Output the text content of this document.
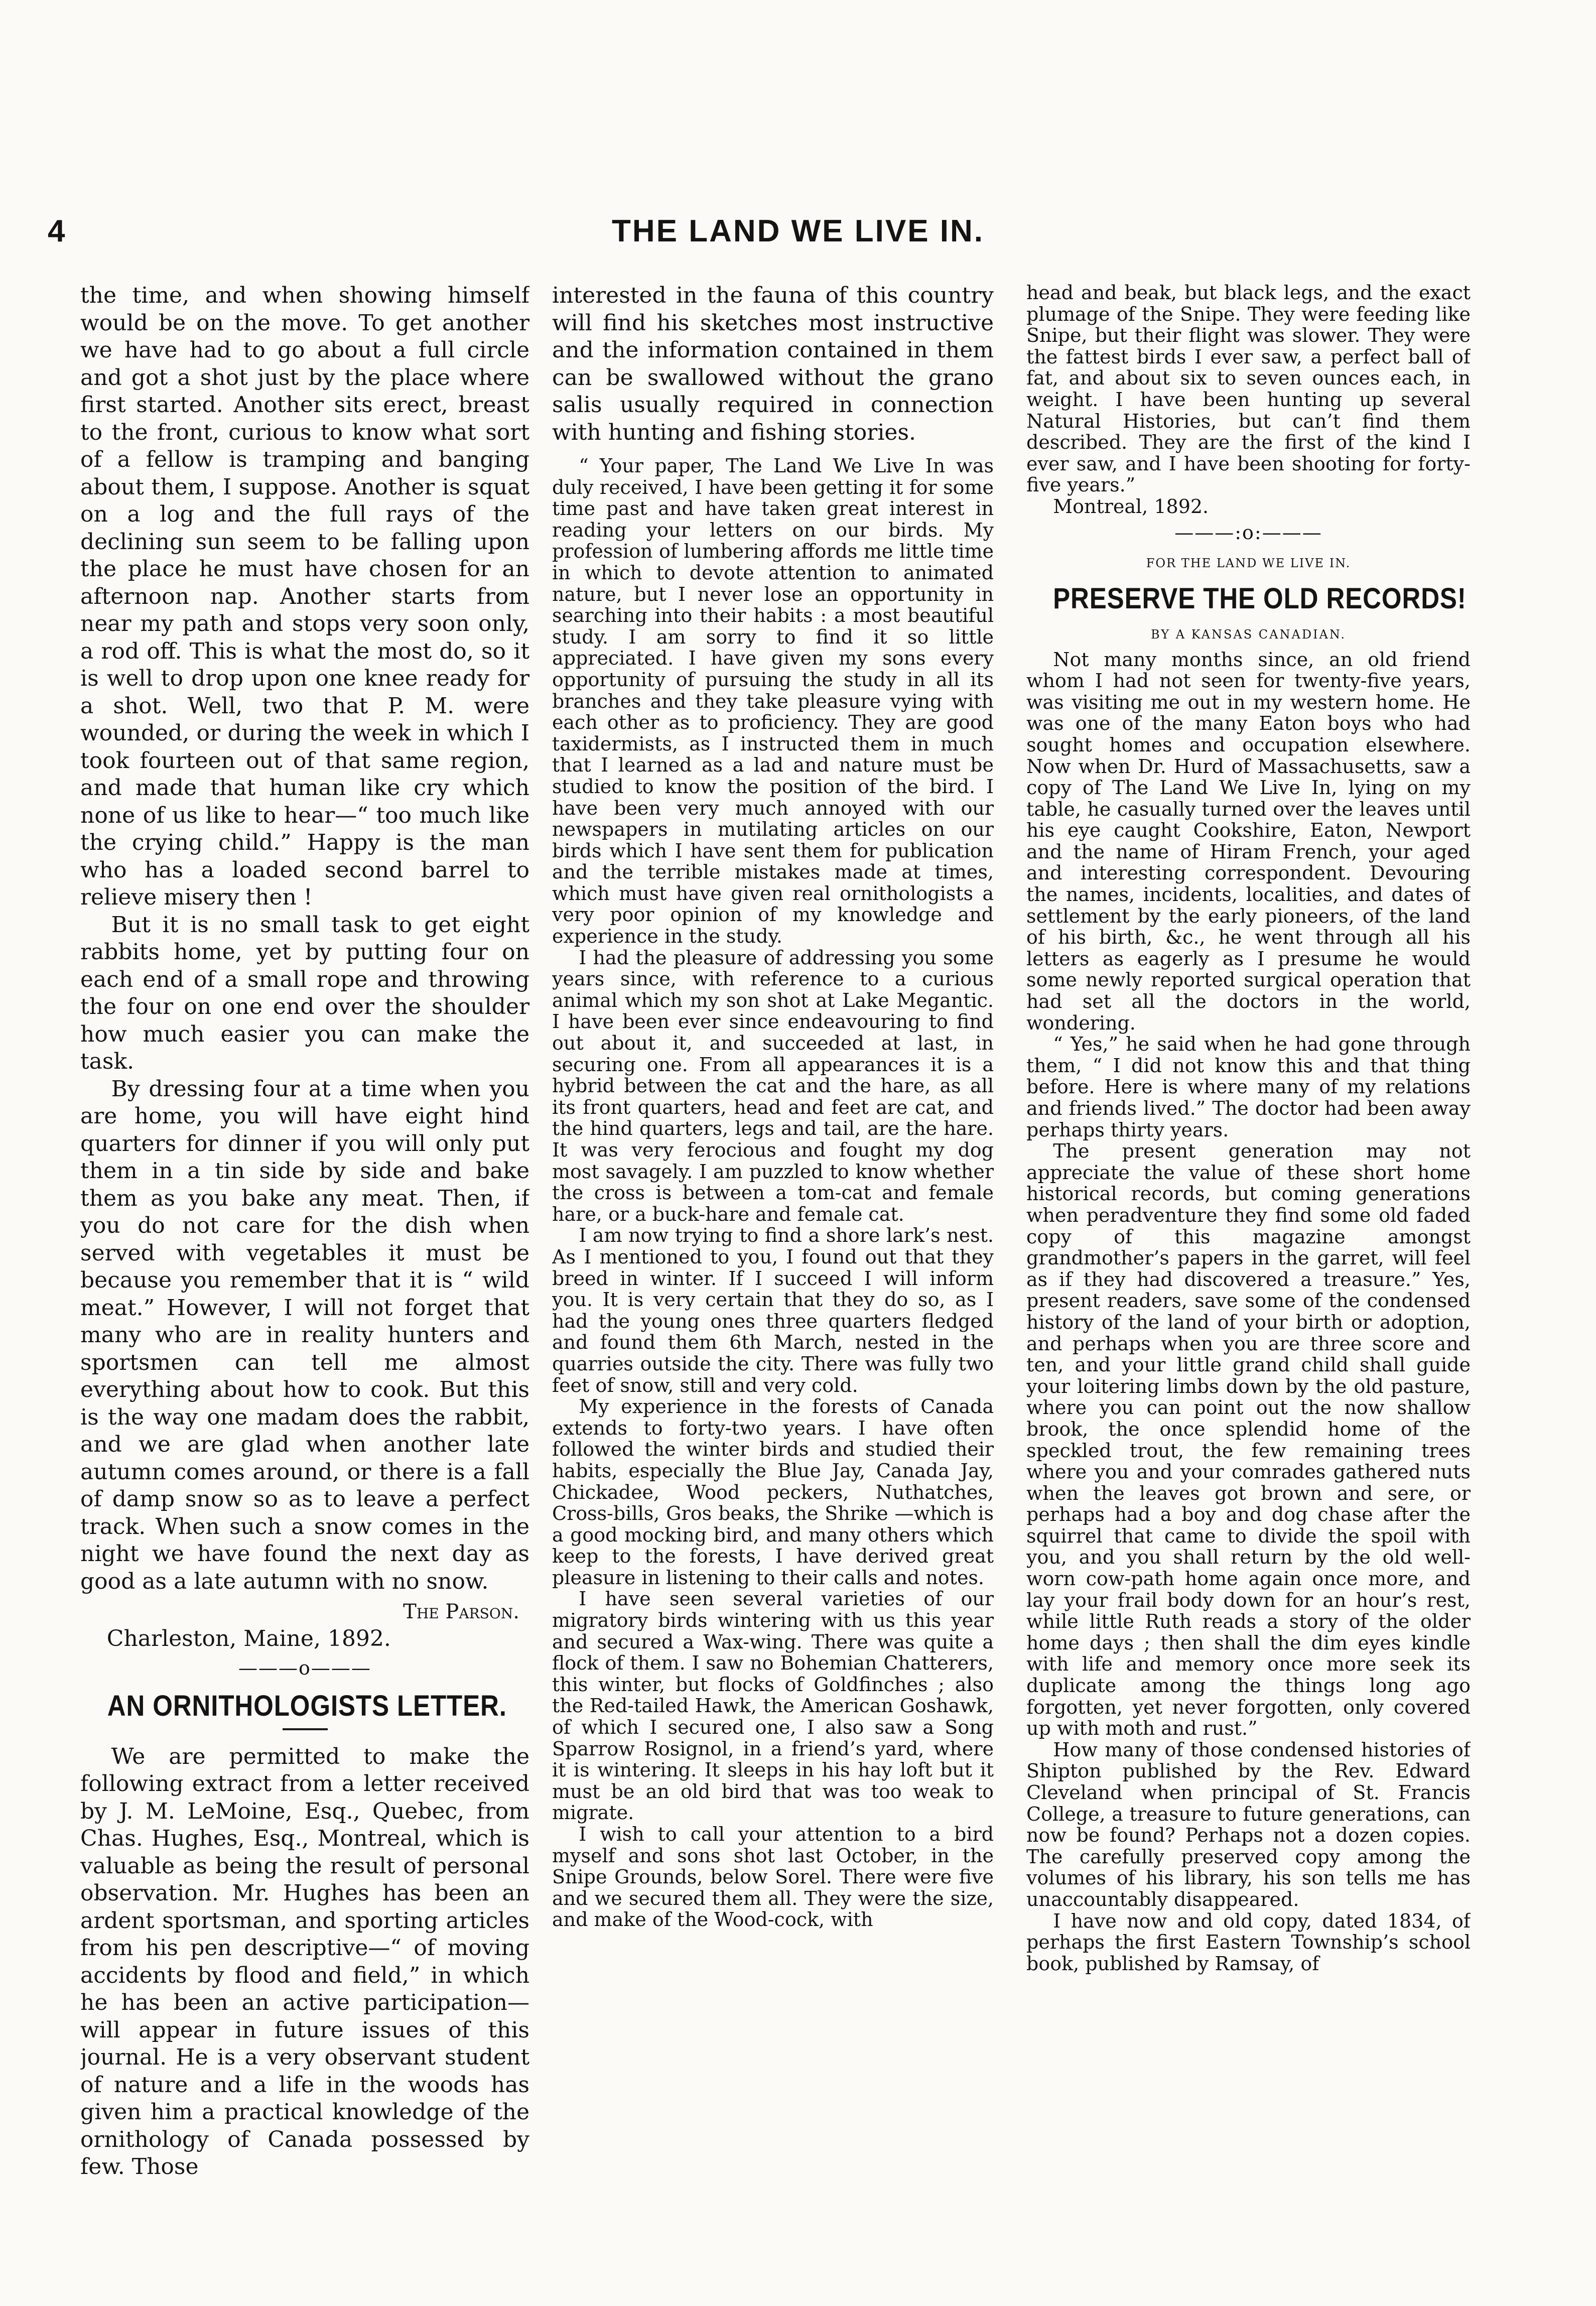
4	THE LAND WE LIVE IN.

the time, and when showing himself would be on the move. To get another we have had to go about a full circle and got a shot just by the place where first started. Another sits erect, breast to the front, curious to know what sort of a fellow is tramping and banging about them, I suppose. Another is squat on a log and the full rays of the declining sun seem to be falling upon the place he must have chosen for an afternoon nap. Another starts from near my path and stops very soon only, a rod off. This is what the most do, so it is well to drop upon one knee ready for a shot. Well, two that P. M. were wounded, or during the week in which I took fourteen out of that same region, and made that human like cry which none of us like to hear—“ too much like the crying child.” Happy is the man who has a loaded second barrel to relieve misery then !

But it is no small task to get eight rabbits home, yet by putting four on each end of a small rope and throwing the four on one end over the shoulder how much easier you can make the task.

By dressing four at a time when you are home, you will have eight hind quarters for dinner if you will only put them in a tin side by side and bake them as you bake any meat. Then, if you do not care for the dish when served with vegetables it must be because you remember that it is “ wild meat.” However, I will not forget that many who are in reality hunters and sportsmen can tell me almost everything about how to cook. But this is the way one madam does the rabbit, and we are glad when another late autumn comes around, or there is a fall of damp snow so as to leave a perfect track. When such a snow comes in the night we have found the next day as good as a late autumn with no snow.

The Parson.

Charleston, Maine, 1892.

———o———
AN ORNITHOLOGISTS LETTER.

We are permitted to make the following extract from a letter received by J. M. LeMoine, Esq., Quebec, from Chas. Hughes, Esq., Montreal, which is valuable as being the result of personal observation. Mr. Hughes has been an ardent sportsman, and sporting articles from his pen descriptive—“ of moving accidents by flood and field,” in which he has been an active participation—will appear in future issues of this journal. He is a very observant student of nature and a life in the woods has given him a practical knowledge of the ornithology of Canada possessed by few. Those

interested in the fauna of this country will find his sketches most instructive and the information contained in them can be swallowed without the grano salis usually required in connection with hunting and fishing stories.

“ Your paper, The Land We Live In was duly received, I have been getting it for some time past and have taken great interest in reading your letters on our birds. My profession of lumbering affords me little time in which to devote attention to animated nature, but I never lose an opportunity in searching into their habits : a most beautiful study. I am sorry to find it so little appreciated. I have given my sons every opportunity of pursuing the study in all its branches and they take pleasure vying with each other as to proficiency. They are good taxidermists, as I instructed them in much that I learned as a lad and nature must be studied to know the position of the bird. I have been very much annoyed with our newspapers in mutilating articles on our birds which I have sent them for publication and the terrible mistakes made at times, which must have given real ornithologists a very poor opinion of my knowledge and experience in the study.

I had the pleasure of addressing you some years since, with reference to a curious animal which my son shot at Lake Megantic. I have been ever since endeavouring to find out about it, and succeeded at last, in securing one. From all appearances it is a hybrid between the cat and the hare, as all its front quarters, head and feet are cat, and the hind quarters, legs and tail, are the hare. It was very ferocious and fought my dog most savagely. I am puzzled to know whether the cross is between a tom-cat and female hare, or a buck-hare and female cat.

I am now trying to find a shore lark’s nest. As I mentioned to you, I found out that they breed in winter. If I succeed I will inform you. It is very certain that they do so, as I had the young ones three quarters fledged and found them 6th March, nested in the quarries outside the city. There was fully two feet of snow, still and very cold.

My experience in the forests of Canada extends to forty-two years. I have often followed the winter birds and studied their habits, especially the Blue Jay, Canada Jay, Chickadee, Wood peckers, Nuthatches, Cross-bills, Gros beaks, the Shrike —which is a good mocking bird, and many others which keep to the forests, I have derived great pleasure in listening to their calls and notes.

I have seen several varieties of our migratory birds wintering with us this year and secured a Wax-wing. There was quite a flock of them. I saw no Bohemian Chatterers, this winter, but flocks of Goldfinches ; also the Red-tailed Hawk, the American Goshawk, of which I secured one, I also saw a Song Sparrow Rosignol, in a friend’s yard, where it is wintering. It sleeps in his hay loft but it must be an old bird that was too weak to migrate.

I wish to call your attention to a bird myself and sons shot last October, in the Snipe Grounds, below Sorel. There were five and we secured them all. They were the size, and make of the Wood-cock, with

head and beak, but black legs, and the exact plumage of the Snipe. They were feeding like Snipe, but their flight was slower. They were the fattest birds I ever saw, a perfect ball of fat, and about six to seven ounces each, in weight. I have been hunting up several Natural Histories, but can’t find them described. They are the first of the kind I ever saw, and I have been shooting for forty-five years.”

Montreal, 1892.

———:o:———
FOR THE LAND WE LIVE IN.
PRESERVE THE OLD RECORDS!
BY A KANSAS CANADIAN.

Not many months since, an old friend whom I had not seen for twenty-five years, was visiting me out in my western home. He was one of the many Eaton boys who had sought homes and occupation elsewhere. Now when Dr. Hurd of Massachusetts, saw a copy of The Land We Live In, lying on my table, he casually turned over the leaves until his eye caught Cookshire, Eaton, Newport and the name of Hiram French, your aged and interesting correspondent. Devouring the names, incidents, localities, and dates of settlement by the early pioneers, of the land of his birth, &c., he went through all his letters as eagerly as I presume he would some newly reported surgical operation that had set all the doctors in the world, wondering.

“ Yes,” he said when he had gone through them, “ I did not know this and that thing before. Here is where many of my relations and friends lived.” The doctor had been away perhaps thirty years.

The present generation may not appreciate the value of these short home historical records, but coming generations when peradventure they find some old faded copy of this magazine amongst grandmother’s papers in the garret, will feel as if they had discovered a treasure.” Yes, present readers, save some of the condensed history of the land of your birth or adoption, and perhaps when you are three score and ten, and your little grand child shall guide your loitering limbs down by the old pasture, where you can point out the now shallow brook, the once splendid home of the speckled trout, the few remaining trees where you and your comrades gathered nuts when the leaves got brown and sere, or perhaps had a boy and dog chase after the squirrel that came to divide the spoil with you, and you shall return by the old well-worn cow-path home again once more, and lay your frail body down for an hour’s rest, while little Ruth reads a story of the older home days ; then shall the dim eyes kindle with life and memory once more seek its duplicate among the things long ago forgotten, yet never forgotten, only covered up with moth and rust.”

How many of those condensed histories of Shipton published by the Rev. Edward Cleveland when principal of St. Francis College, a treasure to future generations, can now be found? Perhaps not a dozen copies. The carefully preserved copy among the volumes of his library, his son tells me has unaccountably disappeared.

I have now and old copy, dated 1834, of perhaps the first Eastern Township’s school book, published by Ramsay, of
